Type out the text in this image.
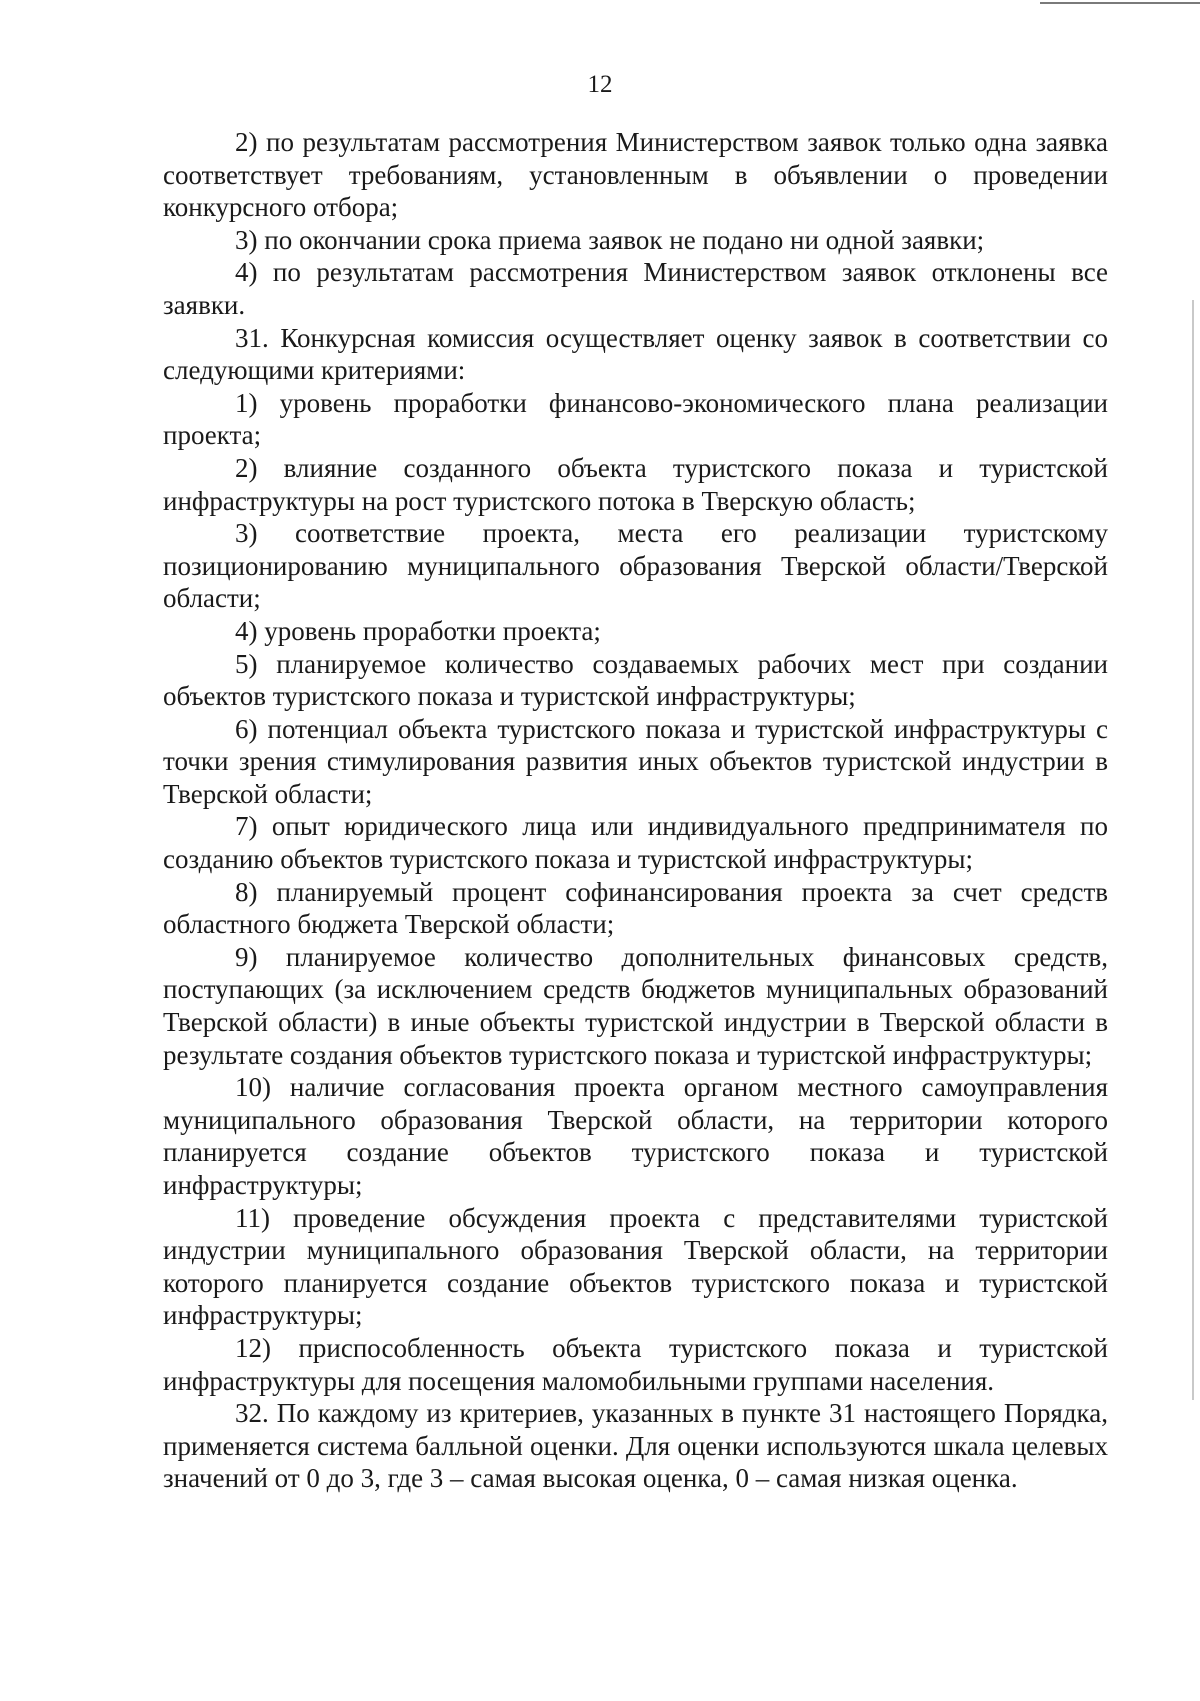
12

2) по результатам рассмотрения Министерством заявок только одна заявка соответствует требованиям, установленным в объявлении о проведении конкурсного отбора;

3) по окончании срока приема заявок не подано ни одной заявки;

4) по результатам рассмотрения Министерством заявок отклонены все заявки.

31. Конкурсная комиссия осуществляет оценку заявок в соответствии со следующими критериями:

1) уровень проработки финансово-экономического плана реализации проекта;

2) влияние созданного объекта туристского показа и туристской инфраструктуры на рост туристского потока в Тверскую область;

3) соответствие проекта, места его реализации туристскому позиционированию муниципального образования Тверской области/Тверской области;

4) уровень проработки проекта;

5) планируемое количество создаваемых рабочих мест при создании объектов туристского показа и туристской инфраструктуры;

6) потенциал объекта туристского показа и туристской инфраструктуры с точки зрения стимулирования развития иных объектов туристской индустрии в Тверской области;

7) опыт юридического лица или индивидуального предпринимателя по созданию объектов туристского показа и туристской инфраструктуры;

8) планируемый процент софинансирования проекта за счет средств областного бюджета Тверской области;

9) планируемое количество дополнительных финансовых средств, поступающих (за исключением средств бюджетов муниципальных образований Тверской области) в иные объекты туристской индустрии в Тверской области в результате создания объектов туристского показа и туристской инфраструктуры;

10) наличие согласования проекта органом местного самоуправления муниципального образования Тверской области, на территории которого планируется создание объектов туристского показа и туристской инфраструктуры;

11) проведение обсуждения проекта с представителями туристской индустрии муниципального образования Тверской области, на территории которого планируется создание объектов туристского показа и туристской инфраструктуры;

12) приспособленность объекта туристского показа и туристской инфраструктуры для посещения маломобильными группами населения.

32. По каждому из критериев, указанных в пункте 31 настоящего Порядка, применяется система балльной оценки. Для оценки используются шкала целевых значений от 0 до 3, где 3 – самая высокая оценка, 0 – самая низкая оценка.
